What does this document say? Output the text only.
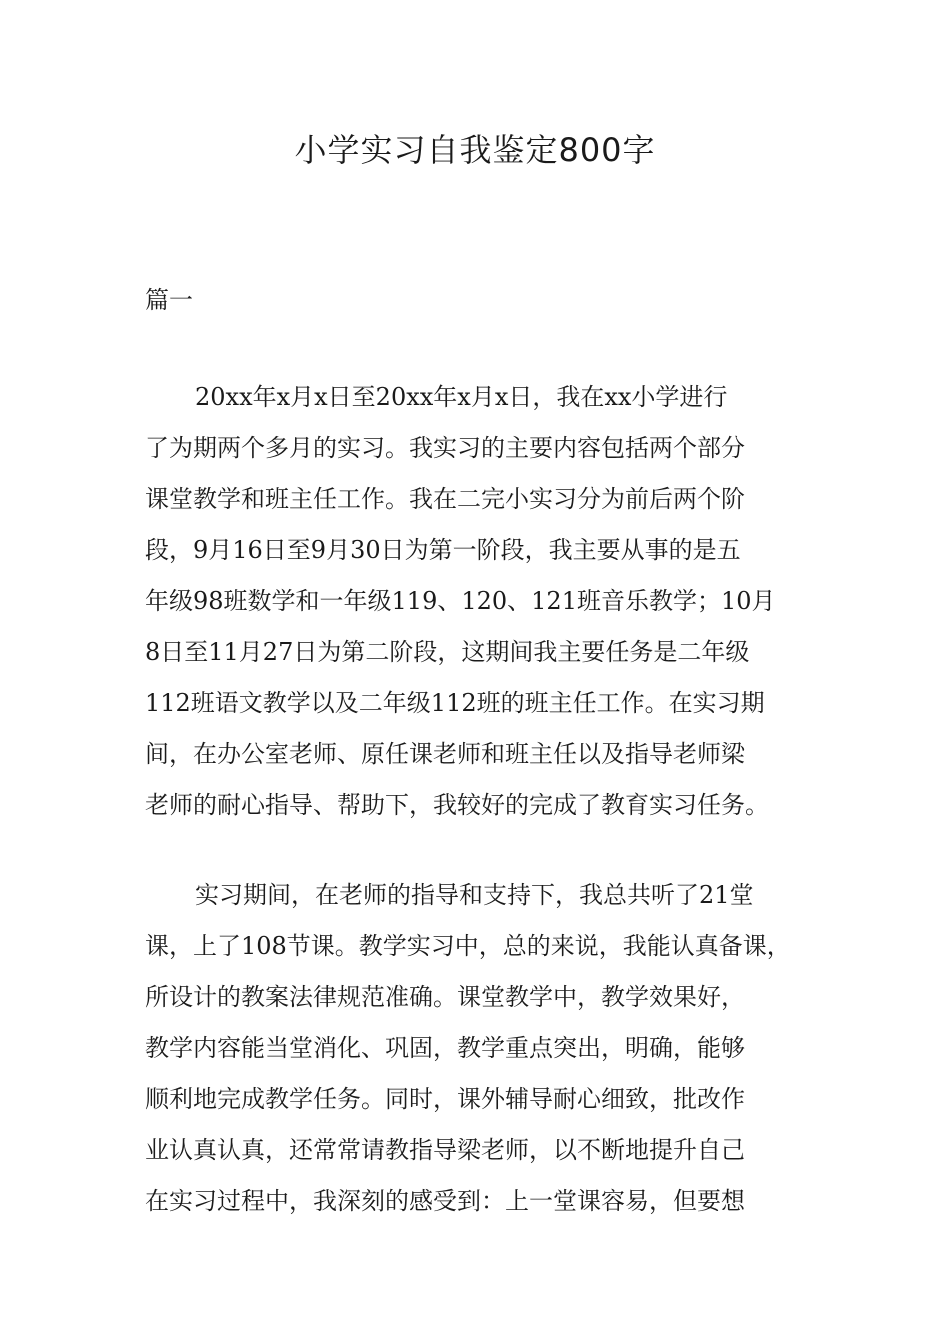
小学实习自我鉴定800字
篇一
20xx年x月x日至20xx年x月x日，我在xx小学进行
了为期两个多月的实习。我实习的主要内容包括两个部分
课堂教学和班主任工作。我在二完小实习分为前后两个阶
段，9月16日至9月30日为第一阶段，我主要从事的是五
年级98班数学和一年级119、120、121班音乐教学；10月
8日至11月27日为第二阶段，这期间我主要任务是二年级
112班语文教学以及二年级112班的班主任工作。在实习期
间，在办公室老师、原任课老师和班主任以及指导老师梁
老师的耐心指导、帮助下，我较好的完成了教育实习任务。
实习期间，在老师的指导和支持下，我总共听了21堂
课，上了108节课。教学实习中，总的来说，我能认真备课，
所设计的教案法律规范准确。课堂教学中，教学效果好，
教学内容能当堂消化、巩固，教学重点突出，明确，能够
顺利地完成教学任务。同时，课外辅导耐心细致，批改作
业认真认真，还常常请教指导梁老师，以不断地提升自己
在实习过程中，我深刻的感受到：上一堂课容易，但要想
